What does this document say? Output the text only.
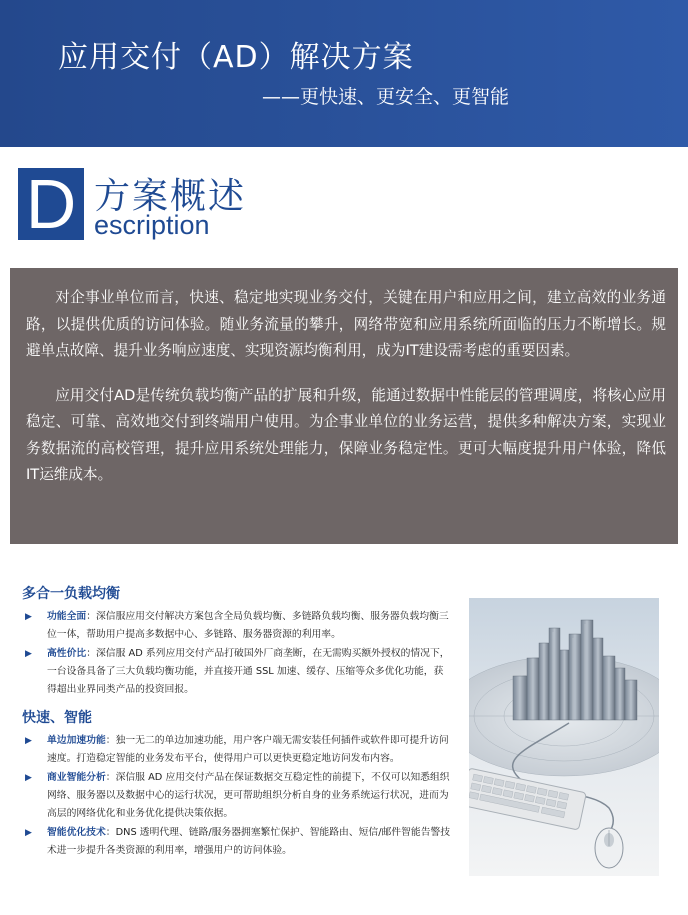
应用交付（AD）解决方案
——更快速、更安全、更智能
D 方案概述
escription

对企事业单位而言，快速、稳定地实现业务交付，关键在用户和应用之间，建立高效的业务通路，以提供优质的访问体验。随业务流量的攀升，网络带宽和应用系统所面临的压力不断增长。规避单点故障、提升业务响应速度、实现资源均衡利用，成为IT建设需考虑的重要因素。

应用交付AD是传统负载均衡产品的扩展和升级，能通过数据中性能层的管理调度，将核心应用稳定、可靠、高效地交付到终端用户使用。为企事业单位的业务运营，提供多种解决方案，实现业务数据流的高校管理，提升应用系统处理能力，保障业务稳定性。更可大幅度提升用户体验，降低IT运维成本。

多合一负载均衡
▶ 功能全面：深信服应用交付解决方案包含全局负载均衡、多链路负载均衡、服务器负载均衡三位一体，帮助用户提高多数据中心、多链路、服务器资源的利用率。
▶ 高性价比：深信服 AD 系列应用交付产品打破国外厂商垄断，在无需购买额外授权的情况下，一台设备具备了三大负载均衡功能，并直接开通 SSL 加速、缓存、压缩等众多优化功能，获得超出业界同类产品的投资回报。
快速、智能
▶ 单边加速功能：独一无二的单边加速功能，用户客户端无需安装任何插件或软件即可提升访问速度。打造稳定智能的业务发布平台，使得用户可以更快更稳定地访问发布内容。
▶ 商业智能分析：深信服 AD 应用交付产品在保证数据交互稳定性的前提下，不仅可以知悉组织网络、服务器以及数据中心的运行状况，更可帮助组织分析自身的业务系统运行状况，进而为高层的网络优化和业务优化提供决策依据。
▶ 智能优化技术：DNS 透明代理、链路/服务器拥塞繁忙保护、智能路由、短信/邮件智能告警技术进一步提升各类资源的利用率，增强用户的访问体验。
